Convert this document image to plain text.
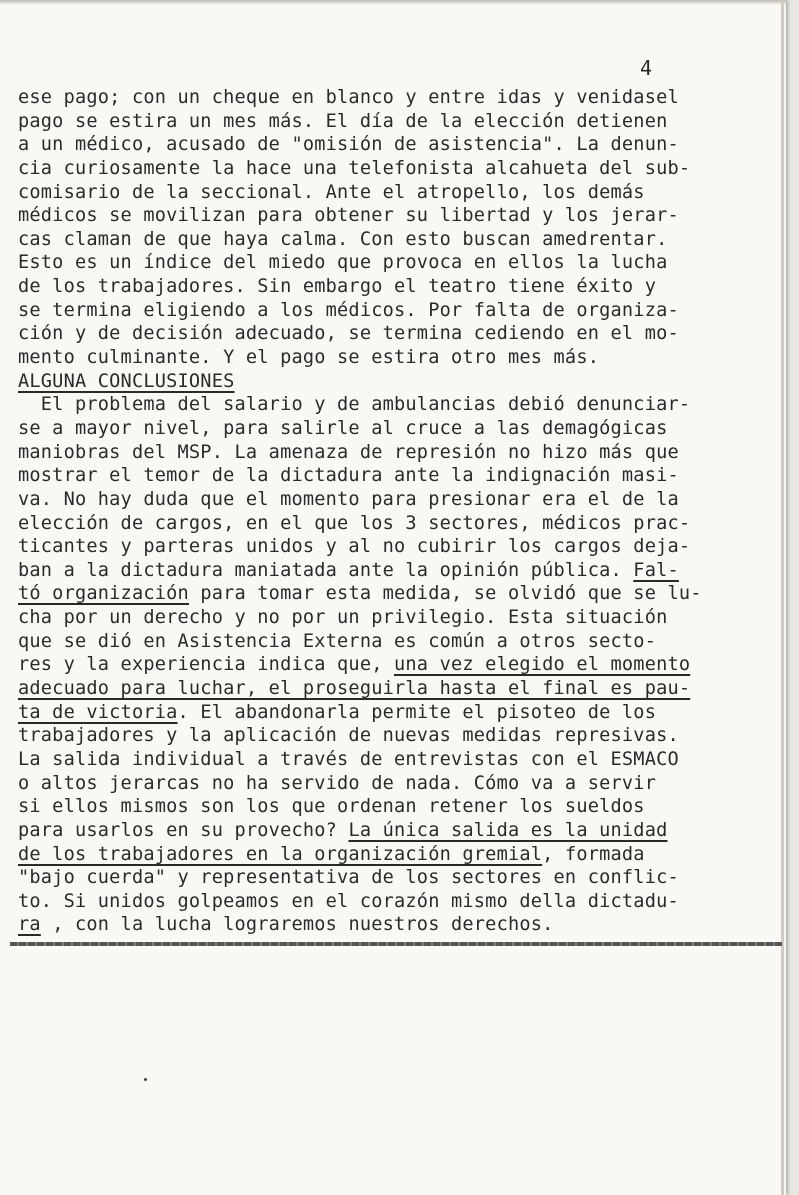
4
ese pago; con un cheque en blanco y entre idas y venidasel
pago se estira un mes más. El día de la elección detienen
a un médico, acusado de "omisión de asistencia". La denun-
cia curiosamente la hace una telefonista alcahueta del sub-
comisario de la seccional. Ante el atropello, los demás
médicos se movilizan para obtener su libertad y los jerar-
cas claman de que haya calma. Con esto buscan amedrentar.
Esto es un índice del miedo que provoca en ellos la lucha
de los trabajadores. Sin embargo el teatro tiene éxito y
se termina eligiendo a los médicos. Por falta de organiza-
ción y de decisión adecuado, se termina cediendo en el mo-
mento culminante. Y el pago se estira otro mes más.
ALGUNA CONCLUSIONES
El problema del salario y de ambulancias debió denunciar-
se a mayor nivel, para salirle al cruce a las demagógicas
maniobras del MSP. La amenaza de represión no hizo más que
mostrar el temor de la dictadura ante la indignación masi-
va. No hay duda que el momento para presionar era el de la
elección de cargos, en el que los 3 sectores, médicos prac-
ticantes y parteras unidos y al no cubirir los cargos deja-
ban a la dictadura maniatada ante la opinión pública. Fal-
tó organización para tomar esta medida, se olvidó que se lu-
cha por un derecho y no por un privilegio. Esta situación
que se dió en Asistencia Externa es común a otros secto-
res y la experiencia indica que, una vez elegido el momento
adecuado para luchar, el proseguirla hasta el final es pau-
ta de victoria. El abandonarla permite el pisoteo de los
trabajadores y la aplicación de nuevas medidas represivas.
La salida individual a través de entrevistas con el ESMACO
o altos jerarcas no ha servido de nada. Cómo va a servir
si ellos mismos son los que ordenan retener los sueldos
para usarlos en su provecho? La única salida es la unidad
de los trabajadores en la organización gremial, formada
"bajo cuerda" y representativa de los sectores en conflic-
to. Si unidos golpeamos en el corazón mismo della dictadu-
ra , con la lucha lograremos nuestros derechos.
